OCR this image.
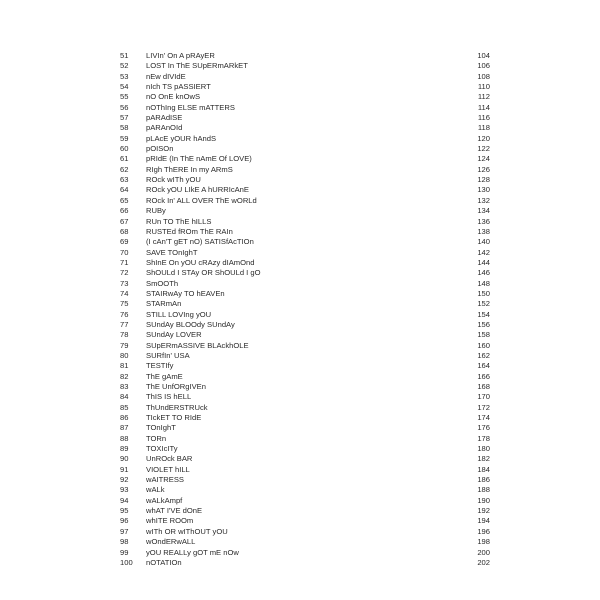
51	LIVIn' On A pRAyER	104
52	LOST In ThE SUpERmARkET	106
53	nEw dIVIdE	108
54	nIch TS pASSIERT	110
55	nO OnE knOwS	112
56	nOThIng ELSE mATTERS	114
57	pARAdISE	116
58	pARAnOId	118
59	pLAcE yOUR hAndS	120
60	pOISOn	122
61	pRIdE (In ThE nAmE Of LOVE)	124
62	RIgh ThERE In my ARmS	126
63	ROck wITh yOU	128
64	ROck yOU LIkE A hURRIcAnE	130
65	ROck In' ALL OVER ThE wORLd	132
66	RUBy	134
67	RUn TO ThE hILLS	136
68	RUSTEd fROm ThE RAIn	138
69	(I cAn'T gET nO) SATISfAcTIOn	140
70	SAVE TOnIghT	142
71	ShInE On yOU cRAzy dIAmOnd	144
72	ShOULd I STAy OR ShOULd I gO	146
73	SmOOTh	148
74	STAIRwAy TO hEAVEn	150
75	STARmAn	152
76	STILL LOVIng yOU	154
77	SUndAy BLOOdy SUndAy	156
78	SUndAy LOVER	158
79	SUpERmASSIVE BLAckhOLE	160
80	SURfIn' USA	162
81	TESTIfy	164
82	ThE gAmE	166
83	ThE UnfORgIVEn	168
84	ThIS IS hELL	170
85	ThUndERSTRUck	172
86	TIckET TO RIdE	174
87	TOnIghT	176
88	TORn	178
89	TOXIcITy	180
90	UnROck BAR	182
91	VIOLET hILL	184
92	wAITRESS	186
93	wALk	188
94	wALkAmpf	190
95	whAT I'VE dOnE	192
96	whITE ROOm	194
97	wITh OR wIThOUT yOU	196
98	wOndERwALL	198
99	yOU REALLy gOT mE nOw	200
100	nOTATIOn	202
